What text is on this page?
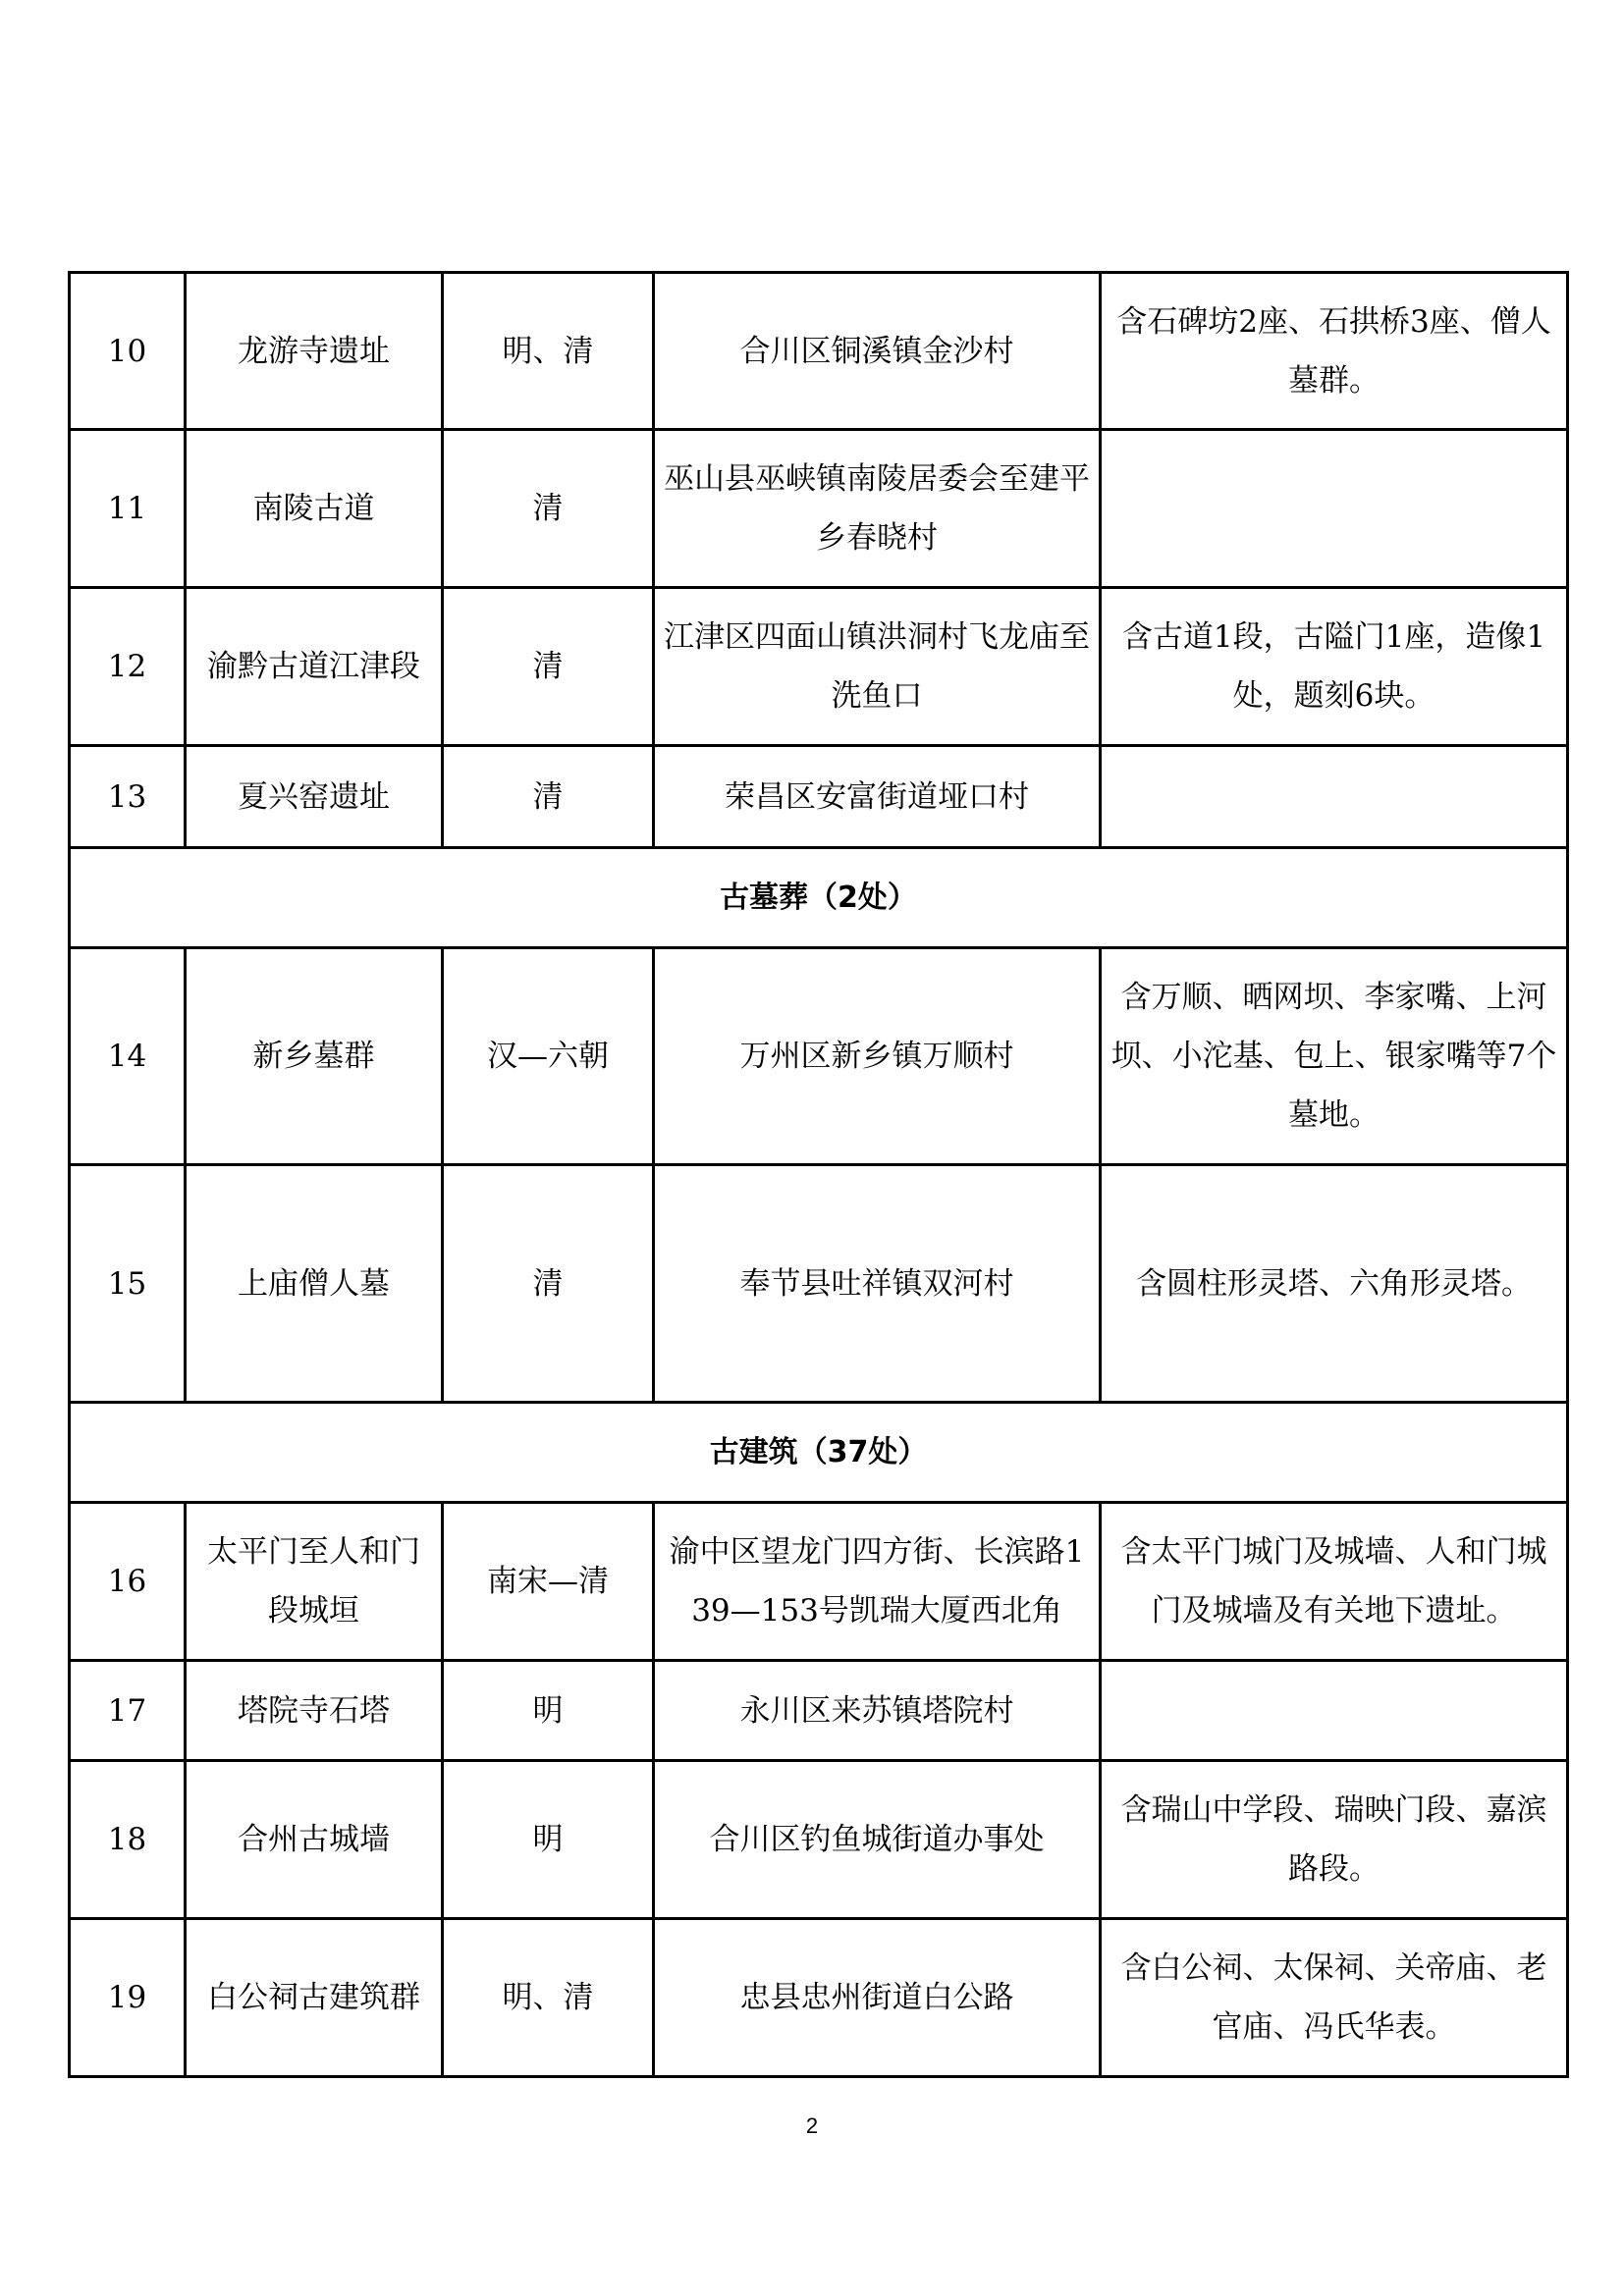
10	龙游寺遗址	明、清	合川区铜溪镇金沙村	含石碑坊2座、石拱桥3座、僧人墓群。
11	南陵古道	清	巫山县巫峡镇南陵居委会至建平乡春晓村	
12	渝黔古道江津段	清	江津区四面山镇洪洞村飞龙庙至洗鱼口	含古道1段，古隘门1座，造像1处，题刻6块。
13	夏兴窑遗址	清	荣昌区安富街道垭口村	
古墓葬（2处）				
14	新乡墓群	汉—六朝	万州区新乡镇万顺村	含万顺、晒网坝、李家嘴、上河坝、小沱基、包上、银家嘴等7个墓地。
15	上庙僧人墓	清	奉节县吐祥镇双河村	含圆柱形灵塔、六角形灵塔。
古建筑（37处）				
16	太平门至人和门段城垣	南宋—清	渝中区望龙门四方街、长滨路139—153号凯瑞大厦西北角	含太平门城门及城墙、人和门城门及城墙及有关地下遗址。
17	塔院寺石塔	明	永川区来苏镇塔院村	
18	合州古城墙	明	合川区钓鱼城街道办事处	含瑞山中学段、瑞映门段、嘉滨路段。
19	白公祠古建筑群	明、清	忠县忠州街道白公路	含白公祠、太保祠、关帝庙、老官庙、冯氏华表。
2
